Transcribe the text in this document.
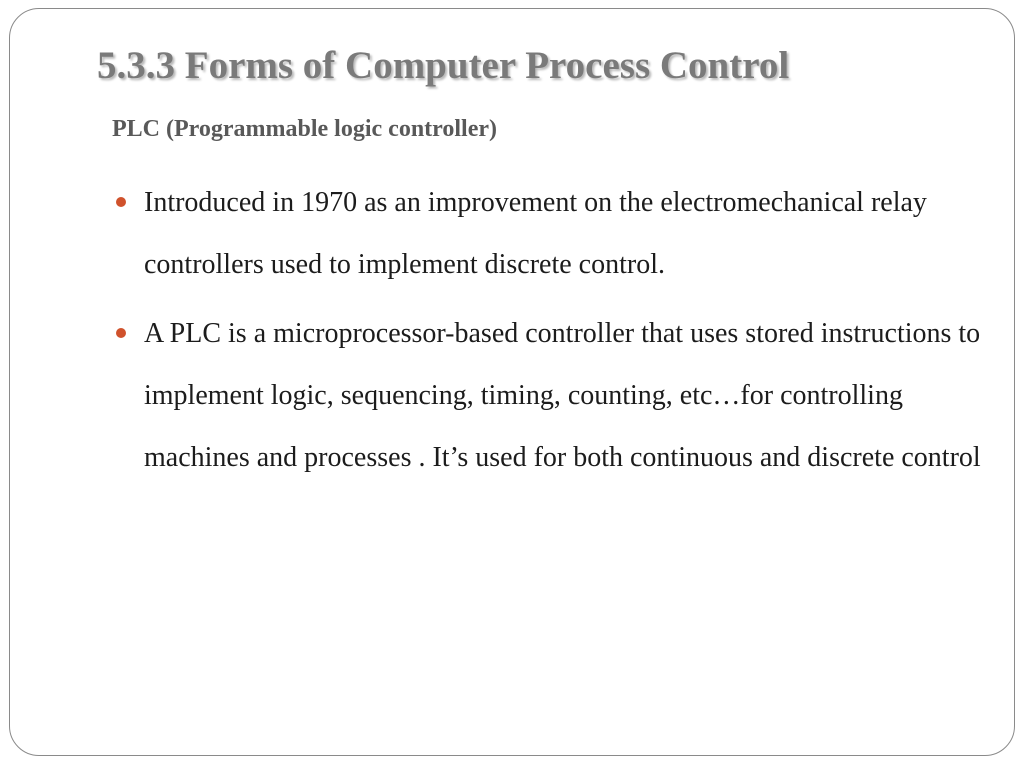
5.3.3 Forms of Computer Process Control
PLC (Programmable logic controller)
Introduced in 1970 as an improvement on the electromechanical relay controllers used to implement discrete control.
A PLC is a microprocessor-based controller that uses stored instructions to implement logic, sequencing, timing, counting, etc…for controlling machines and processes . It’s used for both continuous and discrete control
